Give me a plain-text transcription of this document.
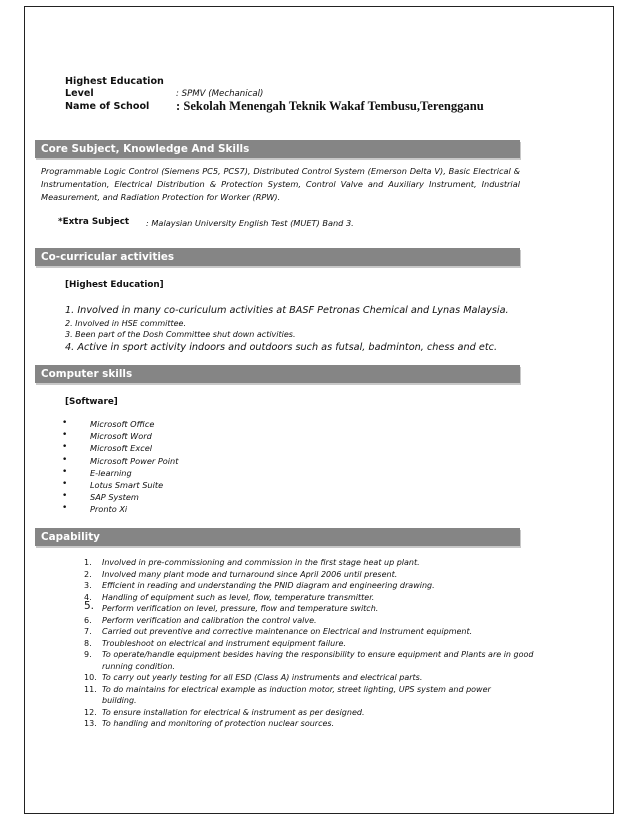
Highest Education
Level	: SPMV (Mechanical)
Name of School : Sekolah Menengah Teknik Wakaf Tembusu,Terengganu
Core Subject, Knowledge And Skills
Programmable Logic Control (Siemens PC5, PCS7), Distributed Control System (Emerson Delta V), Basic Electrical & Instrumentation, Electrical Distribution & Protection System, Control Valve and Auxiliary Instrument, Industrial Measurement, and Radiation Protection for Worker (RPW).
*Extra Subject : Malaysian University English Test (MUET) Band 3.
Co-curricular activities
[Highest Education]
1. Involved in many co-curiculum activities at BASF Petronas Chemical and Lynas Malaysia.
2. Involved in HSE committee.
3. Been part of the Dosh Committee shut down activities.
4. Active in sport activity indoors and outdoors such as futsal, badminton, chess and etc.
Computer skills
[Software]
• Microsoft Office
• Microsoft Word
• Microsoft Excel
• Microsoft Power Point
• E-learning
• Lotus Smart Suite
• SAP System
• Pronto Xi
Capability
1.	Involved in pre-commissioning and commission in the first stage heat up plant.
2.	Involved many plant mode and turnaround since April 2006 until present.
3.	Efficient in reading and understanding the PNID diagram and engineering drawing.
4.	Handling of equipment such as level, flow, temperature transmitter.
5. Perform verification on level, pressure, flow and temperature switch.
6.	Perform verification and calibration the control valve.
7.	Carried out preventive and corrective maintenance on Electrical and Instrument equipment.
8.	Troubleshoot on electrical and instrument equipment failure.
9.	To operate/handle equipment besides having the responsibility to ensure equipment and Plants are in good running condition.
10. To carry out yearly testing for all ESD (Class A) instruments and electrical parts.
11. To do maintains for electrical example as induction motor, street lighting, UPS system and power building.
12. To ensure installation for electrical & instrument as per designed.
13. To handling and monitoring of protection nuclear sources.
